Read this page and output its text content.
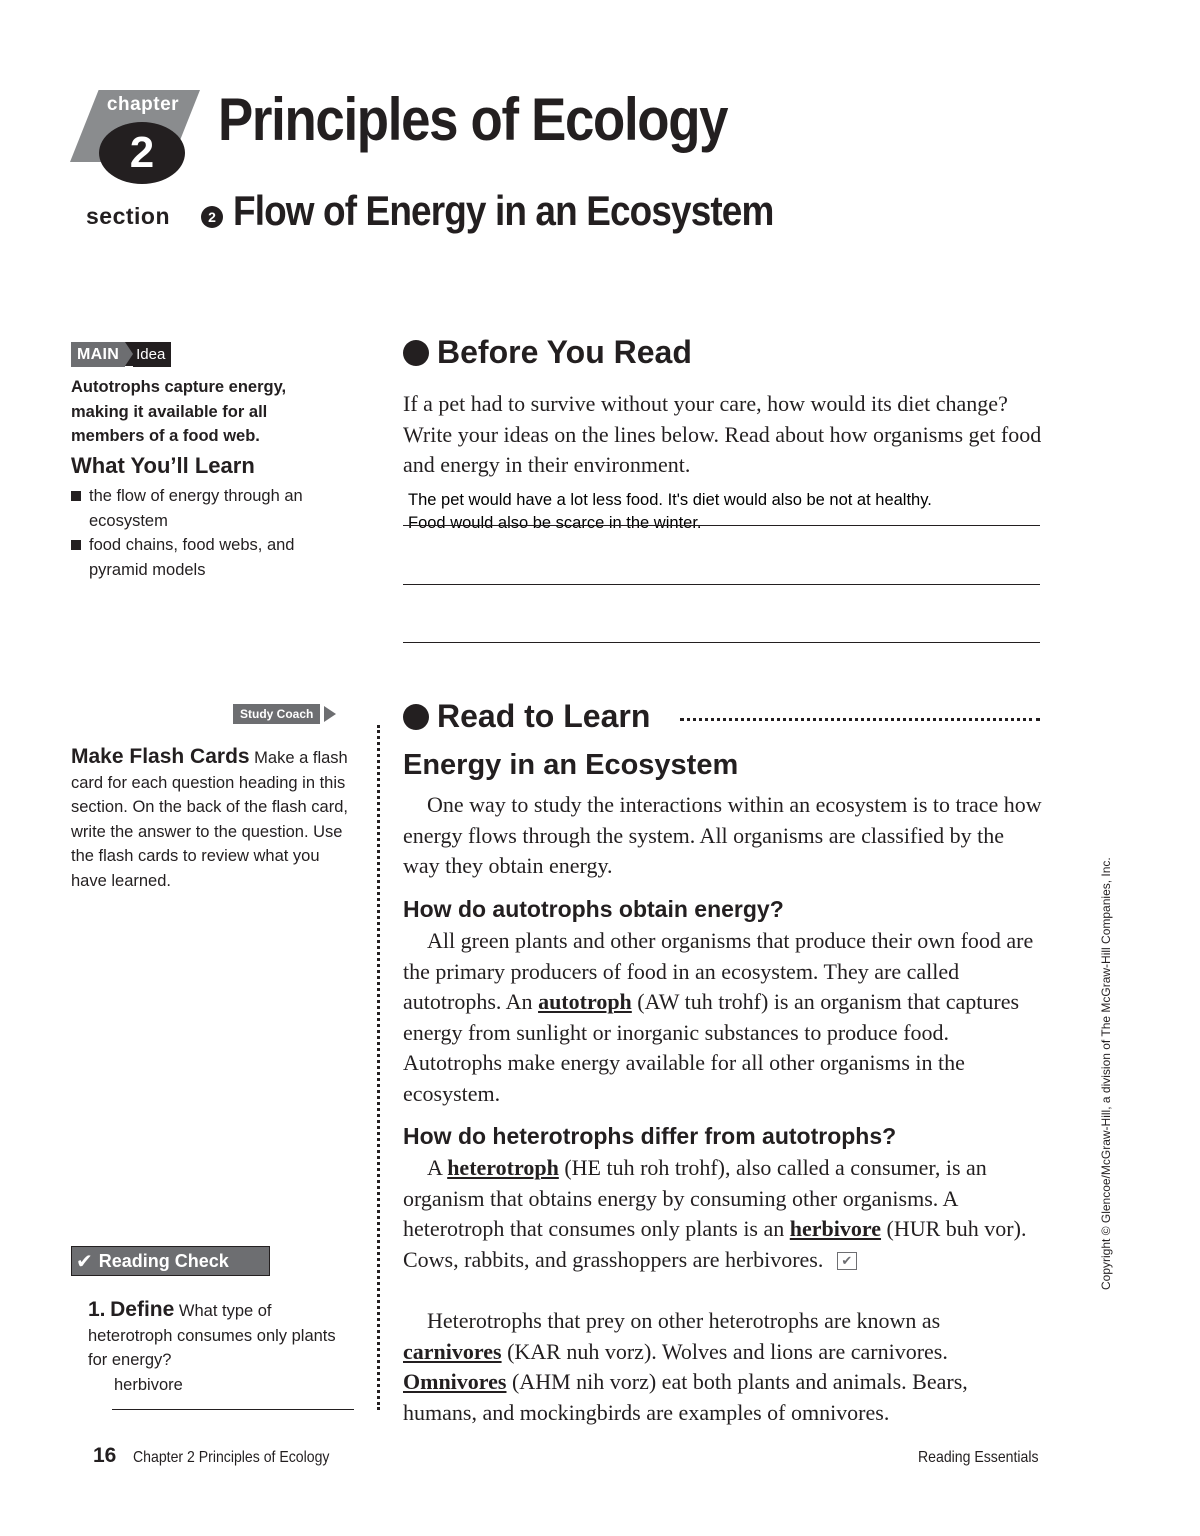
chapter
2	Principles of Ecology
section	2 Flow of Energy in an Ecosystem
MAIN	Idea
Autotrophs capture energy, making it available for all members of a food web.
What You’ll Learn
the flow of energy through an ecosystem
food chains, food webs, and pyramid models
Study Coach
Make Flash Cards Make a flash card for each question heading in this section. On the back of the flash card, write the answer to the question. Use the flash cards to review what you have learned.
✔ Reading Check
1. Define What type of heterotroph consumes only plants for energy?
herbivore
Before You Read
If a pet had to survive without your care, how would its diet change? Write your ideas on the lines below. Read about how organisms get food and energy in their environment.
The pet would have a lot less food. It's diet would also be not at healthy.
Food would also be scarce in the winter.
Read to Learn
Energy in an Ecosystem
One way to study the interactions within an ecosystem is to trace how energy flows through the system. All organisms are classified by the way they obtain energy.
How do autotrophs obtain energy?
All green plants and other organisms that produce their own food are the primary producers of food in an ecosystem. They are called autotrophs. An autotroph (AW tuh trohf) is an organism that captures energy from sunlight or inorganic substances to produce food. Autotrophs make energy available for all other organisms in the ecosystem.
How do heterotrophs differ from autotrophs?
A heterotroph (HE tuh roh trohf), also called a consumer, is an organism that obtains energy by consuming other organisms. A heterotroph that consumes only plants is an herbivore (HUR buh vor). Cows, rabbits, and grasshoppers are herbivores. ✔
Heterotrophs that prey on other heterotrophs are known as carnivores (KAR nuh vorz). Wolves and lions are carnivores. Omnivores (AHM nih vorz) eat both plants and animals. Bears, humans, and mockingbirds are examples of omnivores.
16 Chapter 2 Principles of Ecology	Reading Essentials
Copyright © Glencoe/McGraw-Hill, a division of The McGraw-Hill Companies, Inc.
